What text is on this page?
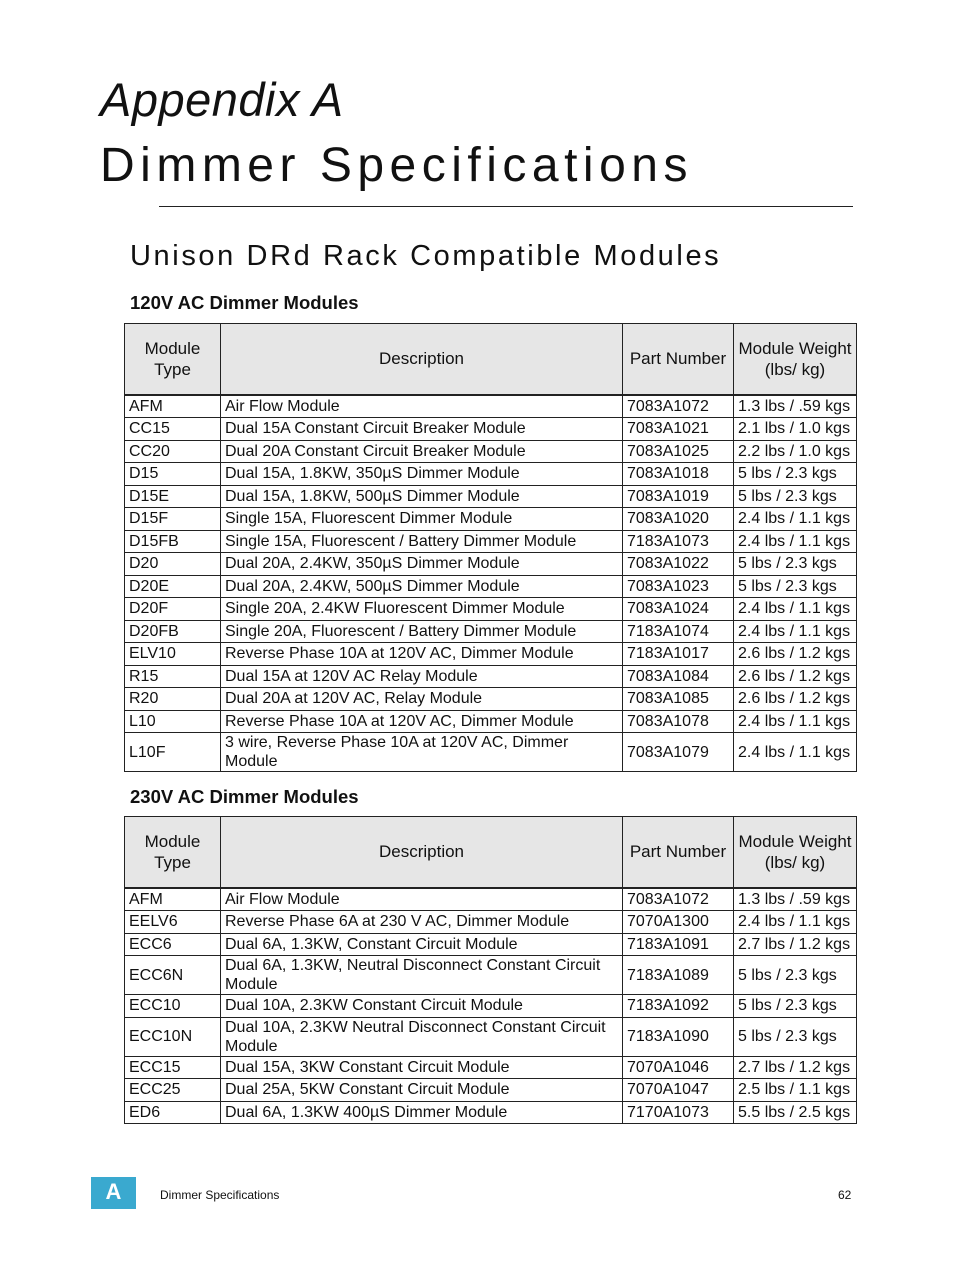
Appendix A
Dimmer Specifications
Unison DRd Rack Compatible Modules
120V AC Dimmer Modules
Module Type	Description	Part Number	Module Weight (lbs/ kg)
AFM	Air Flow Module	7083A1072	1.3 lbs / .59 kgs
CC15	Dual 15A Constant Circuit Breaker Module	7083A1021	2.1 lbs / 1.0 kgs
CC20	Dual 20A Constant Circuit Breaker Module	7083A1025	2.2 lbs / 1.0 kgs
D15	Dual 15A, 1.8KW, 350µS Dimmer Module	7083A1018	5 lbs / 2.3 kgs
D15E	Dual 15A, 1.8KW, 500µS Dimmer Module	7083A1019	5 lbs / 2.3 kgs
D15F	Single 15A, Fluorescent Dimmer Module	7083A1020	2.4 lbs / 1.1 kgs
D15FB	Single 15A, Fluorescent / Battery Dimmer Module	7183A1073	2.4 lbs / 1.1 kgs
D20	Dual 20A, 2.4KW, 350µS Dimmer Module	7083A1022	5 lbs / 2.3 kgs
D20E	Dual 20A, 2.4KW, 500µS Dimmer Module	7083A1023	5 lbs / 2.3 kgs
D20F	Single 20A, 2.4KW Fluorescent Dimmer Module	7083A1024	2.4 lbs / 1.1 kgs
D20FB	Single 20A, Fluorescent / Battery Dimmer Module	7183A1074	2.4 lbs / 1.1 kgs
ELV10	Reverse Phase 10A at 120V AC, Dimmer Module	7183A1017	2.6 lbs / 1.2 kgs
R15	Dual 15A at 120V AC Relay Module	7083A1084	2.6 lbs / 1.2 kgs
R20	Dual 20A at 120V AC, Relay Module	7083A1085	2.6 lbs / 1.2 kgs
L10	Reverse Phase 10A at 120V AC, Dimmer Module	7083A1078	2.4 lbs / 1.1 kgs
L10F	3 wire, Reverse Phase 10A at 120V AC, Dimmer Module	7083A1079	2.4 lbs / 1.1 kgs
230V AC Dimmer Modules
Module Type	Description	Part Number	Module Weight (lbs/ kg)
AFM	Air Flow Module	7083A1072	1.3 lbs / .59 kgs
EELV6	Reverse Phase 6A at 230 V AC, Dimmer Module	7070A1300	2.4 lbs / 1.1 kgs
ECC6	Dual 6A, 1.3KW, Constant Circuit Module	7183A1091	2.7 lbs / 1.2 kgs
ECC6N	Dual 6A, 1.3KW, Neutral Disconnect Constant Circuit Module	7183A1089	5 lbs / 2.3 kgs
ECC10	Dual 10A, 2.3KW Constant Circuit Module	7183A1092	5 lbs / 2.3 kgs
ECC10N	Dual 10A, 2.3KW Neutral Disconnect Constant Circuit Module	7183A1090	5 lbs / 2.3 kgs
ECC15	Dual 15A, 3KW Constant Circuit Module	7070A1046	2.7 lbs / 1.2 kgs
ECC25	Dual 25A, 5KW Constant Circuit Module	7070A1047	2.5 lbs / 1.1 kgs
ED6	Dual 6A, 1.3KW 400µS Dimmer Module	7170A1073	5.5 lbs / 2.5 kgs
A	Dimmer Specifications	62
